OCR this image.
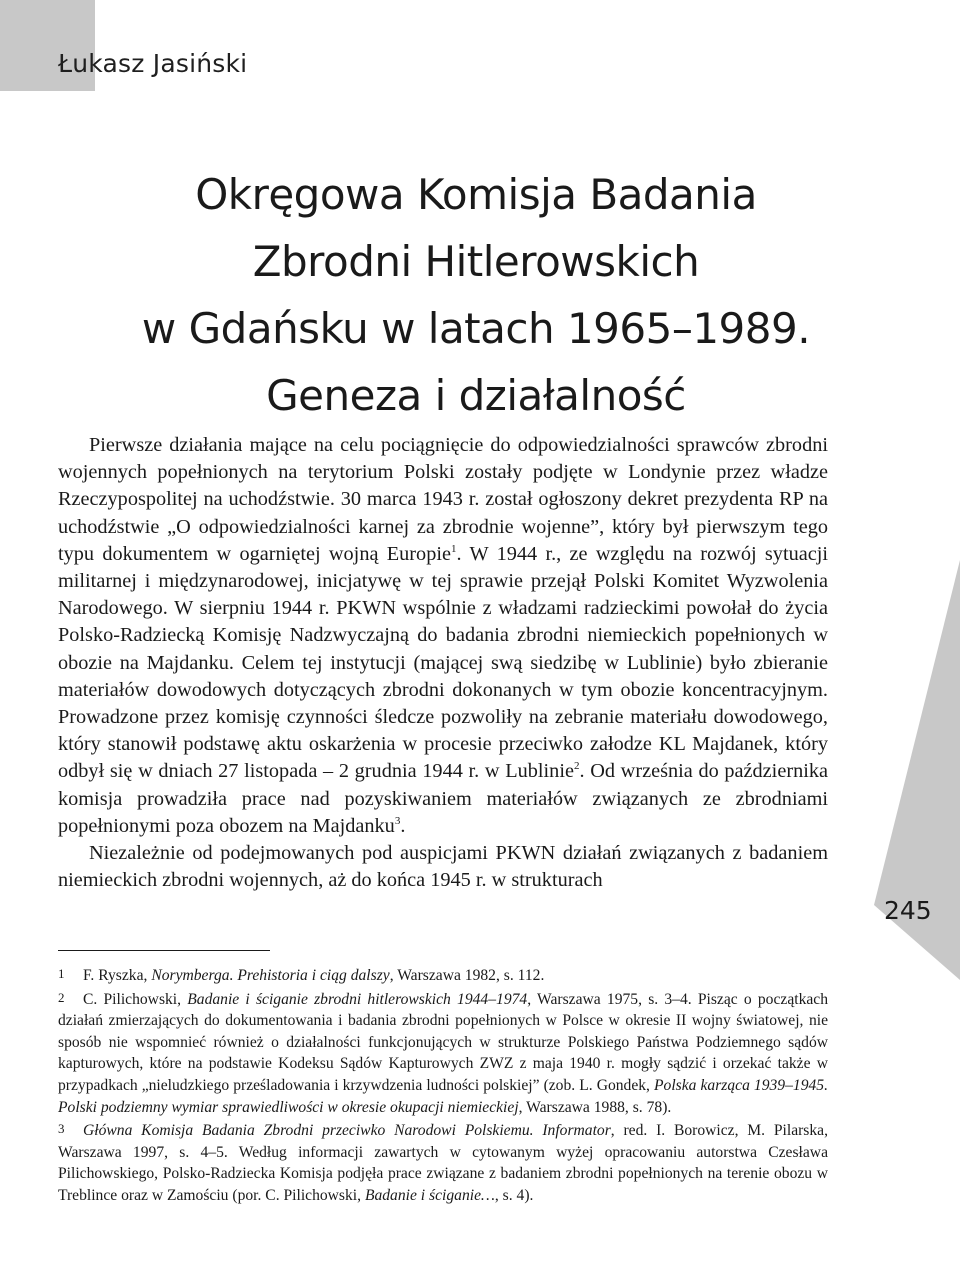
Łukasz Jasiński
Okręgowa Komisja Badania
Zbrodni Hitlerowskich
w Gdańsku w latach 1965–1989.
Geneza i działalność
245

Pierwsze działania mające na celu pociągnięcie do odpowiedzialności sprawców zbrodni wojennych popełnionych na terytorium Polski zostały podjęte w Londynie przez władze Rzeczypospolitej na uchodźstwie. 30 marca 1943 r. został ogłoszony dekret prezydenta RP na uchodźstwie „O odpowiedzialności karnej za zbrodnie wojenne”, który był pierwszym tego typu dokumentem w ogarniętej wojną Europie$^1$. W 1944 r., ze względu na rozwój sytuacji militarnej i międzynarodowej, inicjatywę w tej sprawie przejął Polski Komitet Wyzwolenia Narodowego. W sierpniu 1944 r. PKWN wspólnie z władzami radzieckimi powołał do życia Polsko-Radziecką Komisję Nadzwyczajną do badania zbrodni niemieckich popełnionych w obozie na Majdanku. Celem tej instytucji (mającej swą siedzibę w Lublinie) było zbieranie materiałów dowodowych dotyczących zbrodni dokonanych w tym obozie koncentracyjnym. Prowadzone przez komisję czynności śledcze pozwoliły na zebranie materiału dowodowego, który stanowił podstawę aktu oskarżenia w procesie przeciwko załodze KL Majdanek, który odbył się w dniach 27 listopada – 2 grudnia 1944 r. w Lublinie$^2$. Od września do października komisja prowadziła prace nad pozyskiwaniem materiałów związanych ze zbrodniami popełnionymi poza obozem na Majdanku$^3$.

Niezależnie od podejmowanych pod auspicjami PKWN działań związanych z badaniem niemieckich zbrodni wojennych, aż do końca 1945 r. w strukturach

1 F. Ryszka, Norymberga. Prehistoria i ciąg dalszy, Warszawa 1982, s. 112.

2 C. Pilichowski, Badanie i ściganie zbrodni hitlerowskich 1944–1974, Warszawa 1975, s. 3–4. Pisząc o początkach działań zmierzających do dokumentowania i badania zbrodni popełnionych w Polsce w okresie II wojny światowej, nie sposób nie wspomnieć również o działalności funkcjonujących w strukturze Polskiego Państwa Podziemnego sądów kapturowych, które na podstawie Kodeksu Sądów Kapturowych ZWZ z maja 1940 r. mogły sądzić i orzekać także w przypadkach „nieludzkiego prześladowania i krzywdzenia ludności polskiej” (zob. L. Gondek, Polska karząca 1939–1945. Polski podziemny wymiar sprawiedliwości w okresie okupacji niemieckiej, Warszawa 1988, s. 78).

3 Główna Komisja Badania Zbrodni przeciwko Narodowi Polskiemu. Informator, red. I. Borowicz, M. Pilarska, Warszawa 1997, s. 4–5. Według informacji zawartych w cytowanym wyżej opracowaniu autorstwa Czesława Pilichowskiego, Polsko-Radziecka Komisja podjęła prace związane z badaniem zbrodni popełnionych na terenie obozu w Treblince oraz w Zamościu (por. C. Pilichowski, Badanie i ściganie…, s. 4).
